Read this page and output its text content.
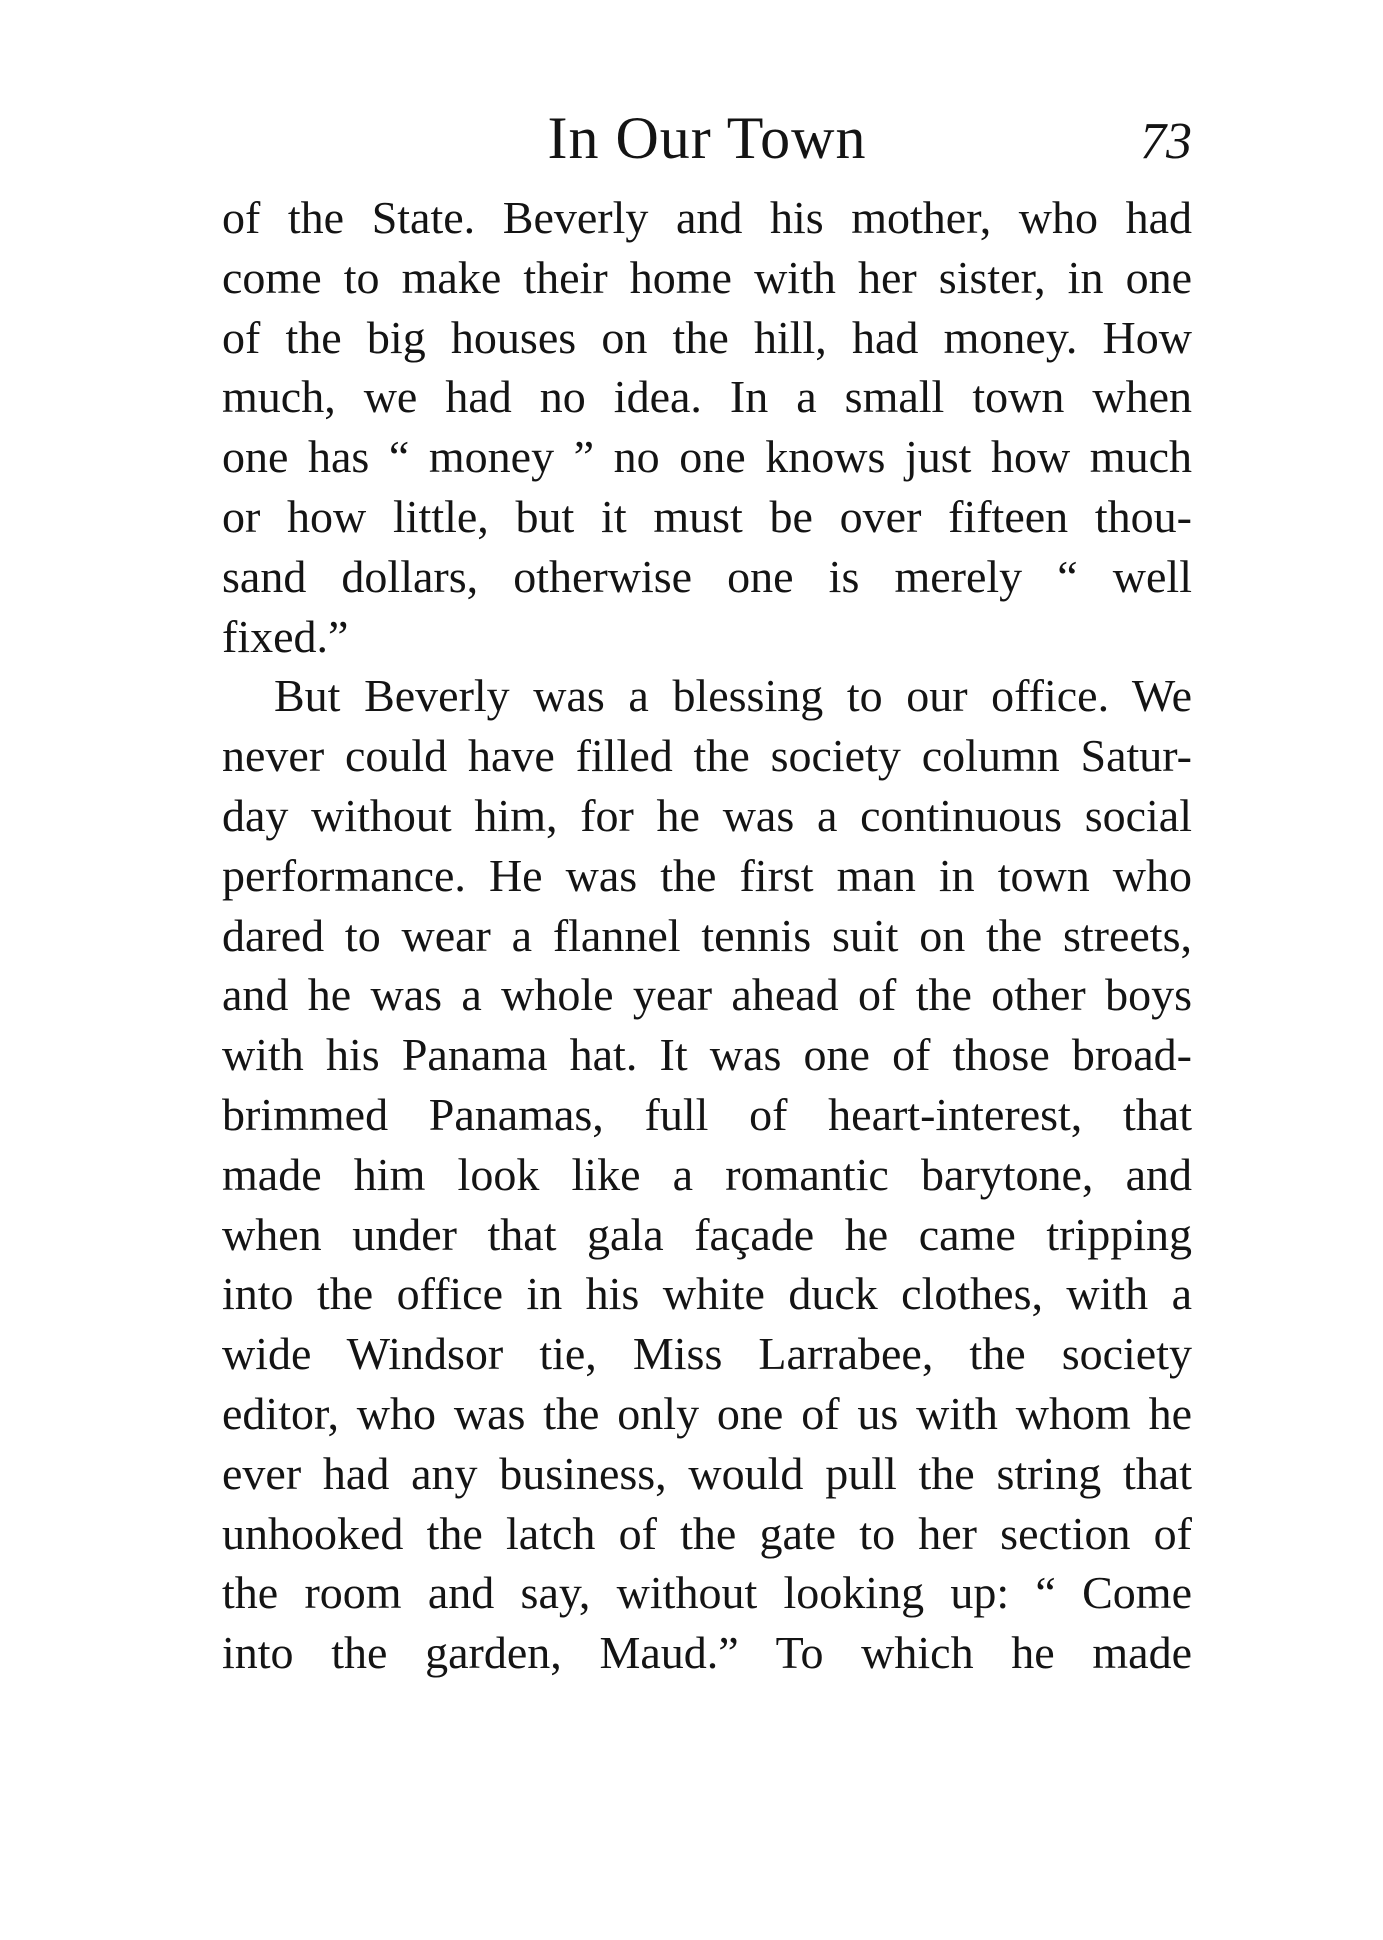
In Our Town	73
of the State. Beverly and his mother, who had
come to make their home with her sister, in one
of the big houses on the hill, had money. How
much, we had no idea. In a small town when
one has “ money ” no one knows just how much
or how little, but it must be over fifteen thou-
sand dollars, otherwise one is merely “ well
fixed.”
But Beverly was a blessing to our office. We
never could have filled the society column Satur-
day without him, for he was a continuous social
performance. He was the first man in town who
dared to wear a flannel tennis suit on the streets,
and he was a whole year ahead of the other boys
with his Panama hat. It was one of those broad-
brimmed Panamas, full of heart-interest, that
made him look like a romantic barytone, and
when under that gala façade he came tripping
into the office in his white duck clothes, with a
wide Windsor tie, Miss Larrabee, the society
editor, who was the only one of us with whom he
ever had any business, would pull the string that
unhooked the latch of the gate to her section of
the room and say, without looking up: “ Come
into the garden, Maud.” To which he made
